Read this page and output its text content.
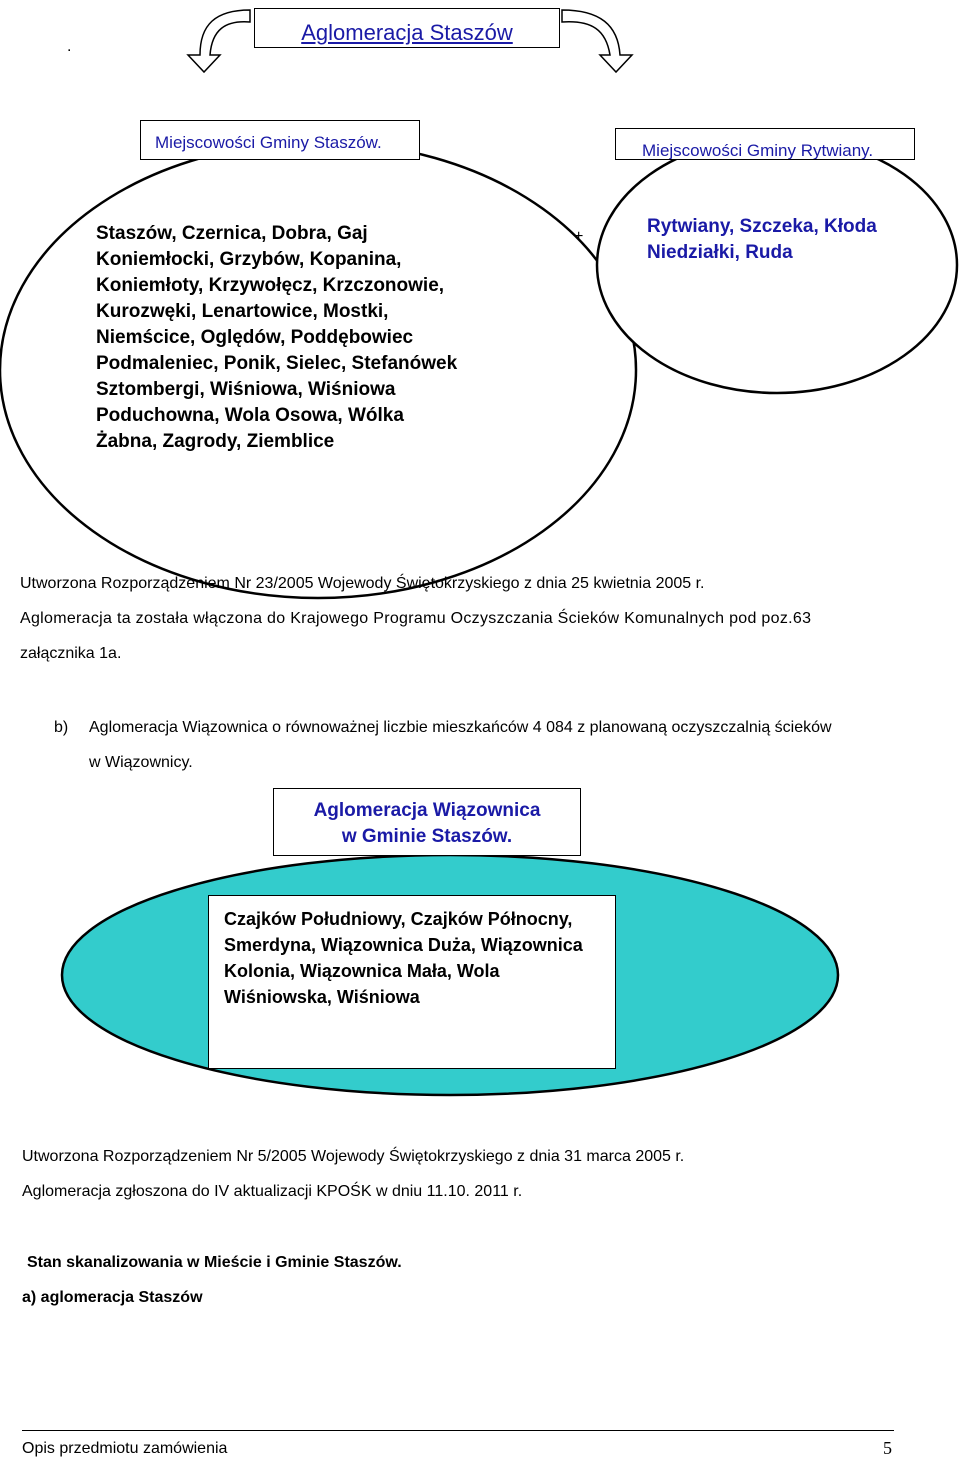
.
Aglomeracja Staszów
Miejscowości Gminy Staszów.	Miejscowości Gminy Rytwiany.
+
Staszów, Czernica, Dobra, Gaj
Koniemłocki, Grzybów, Kopanina,
Koniemłoty, Krzywołęcz, Krzczonowie,
Kurozwęki, Lenartowice, Mostki,
Niemścice, Oględów, Poddębowiec
Podmaleniec, Ponik, Sielec, Stefanówek
Sztombergi, Wiśniowa, Wiśniowa
Poduchowna, Wola Osowa, Wólka
Żabna, Zagrody, Ziemblice
Rytwiany, Szczeka, Kłoda
Niedziałki, Ruda
Utworzona Rozporządzeniem Nr 23/2005 Wojewody Świętokrzyskiego z dnia 25 kwietnia 2005 r.
Aglomeracja ta została włączona do Krajowego Programu Oczyszczania Ścieków Komunalnych pod poz.63
załącznika 1a.
b) Aglomeracja Wiązownica o równoważnej liczbie mieszkańców 4 084 z planowaną oczyszczalnią ścieków
w Wiązownicy.
Aglomeracja Wiązownica
w Gminie Staszów.
Czajków Południowy, Czajków Północny,
Smerdyna, Wiązownica Duża, Wiązownica
Kolonia, Wiązownica Mała, Wola
Wiśniowska, Wiśniowa
Utworzona Rozporządzeniem Nr 5/2005 Wojewody Świętokrzyskiego z dnia 31 marca 2005 r.
Aglomeracja zgłoszona do IV aktualizacji KPOŚK w dniu 11.10. 2011 r.
Stan skanalizowania w Mieście i Gminie Staszów.
a) aglomeracja Staszów
Opis przedmiotu zamówienia	5
